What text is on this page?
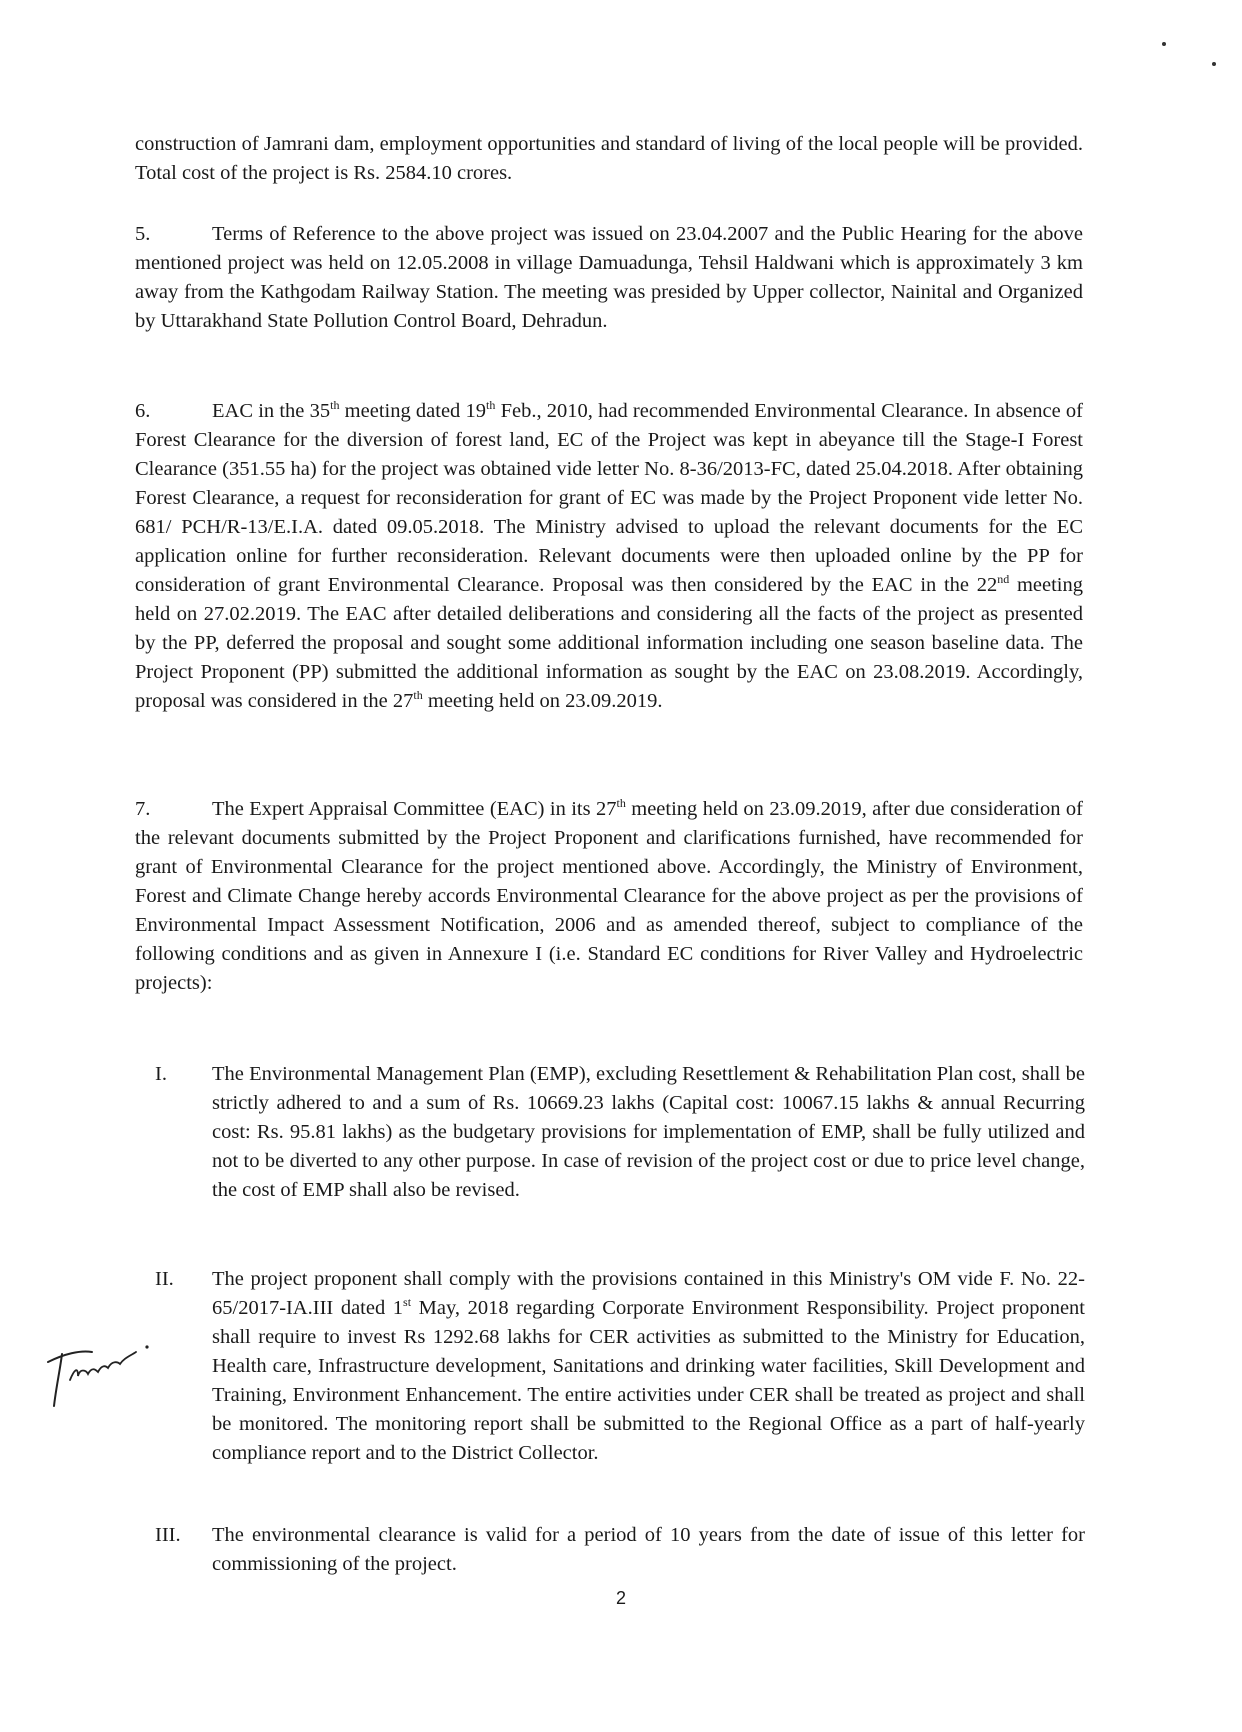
construction of Jamrani dam, employment opportunities and standard of living of the local people will be provided. Total cost of the project is Rs. 2584.10 crores.

5.	Terms of Reference to the above project was issued on 23.04.2007 and the Public Hearing for the above mentioned project was held on 12.05.2008 in village Damuadunga, Tehsil Haldwani which is approximately 3 km away from the Kathgodam Railway Station. The meeting was presided by Upper collector, Nainital and Organized by Uttarakhand State Pollution Control Board, Dehradun.

6.	EAC in the 35th meeting dated 19th Feb., 2010, had recommended Environmental Clearance. In absence of Forest Clearance for the diversion of forest land, EC of the Project was kept in abeyance till the Stage-I Forest Clearance (351.55 ha) for the project was obtained vide letter No. 8-36/2013-FC, dated 25.04.2018. After obtaining Forest Clearance, a request for reconsideration for grant of EC was made by the Project Proponent vide letter No. 681/ PCH/R-13/E.I.A. dated 09.05.2018. The Ministry advised to upload the relevant documents for the EC application online for further reconsideration. Relevant documents were then uploaded online by the PP for consideration of grant Environmental Clearance. Proposal was then considered by the EAC in the 22nd meeting held on 27.02.2019. The EAC after detailed deliberations and considering all the facts of the project as presented by the PP, deferred the proposal and sought some additional information including one season baseline data. The Project Proponent (PP) submitted the additional information as sought by the EAC on 23.08.2019. Accordingly, proposal was considered in the 27th meeting held on 23.09.2019.

7.	The Expert Appraisal Committee (EAC) in its 27th meeting held on 23.09.2019, after due consideration of the relevant documents submitted by the Project Proponent and clarifications furnished, have recommended for grant of Environmental Clearance for the project mentioned above. Accordingly, the Ministry of Environment, Forest and Climate Change hereby accords Environmental Clearance for the above project as per the provisions of Environmental Impact Assessment Notification, 2006 and as amended thereof, subject to compliance of the following conditions and as given in Annexure I (i.e. Standard EC conditions for River Valley and Hydroelectric projects):

I. The Environmental Management Plan (EMP), excluding Resettlement & Rehabilitation Plan cost, shall be strictly adhered to and a sum of Rs. 10669.23 lakhs (Capital cost: 10067.15 lakhs & annual Recurring cost: Rs. 95.81 lakhs) as the budgetary provisions for implementation of EMP, shall be fully utilized and not to be diverted to any other purpose. In case of revision of the project cost or due to price level change, the cost of EMP shall also be revised.
II. The project proponent shall comply with the provisions contained in this Ministry's OM vide F. No. 22-65/2017-IA.III dated 1st May, 2018 regarding Corporate Environment Responsibility. Project proponent shall require to invest Rs 1292.68 lakhs for CER activities as submitted to the Ministry for Education, Health care, Infrastructure development, Sanitations and drinking water facilities, Skill Development and Training, Environment Enhancement. The entire activities under CER shall be treated as project and shall be monitored. The monitoring report shall be submitted to the Regional Office as a part of half-yearly compliance report and to the District Collector.
III. The environmental clearance is valid for a period of 10 years from the date of issue of this letter for commissioning of the project.
2
